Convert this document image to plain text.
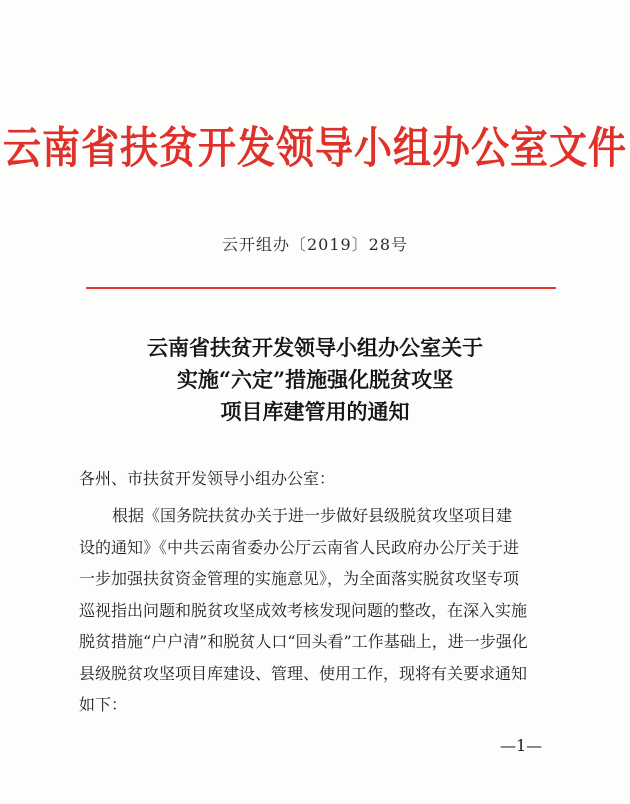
云南省扶贫开发领导小组办公室文件
云开组办〔2019〕28号
云南省扶贫开发领导小组办公室关于
实施“六定”措施强化脱贫攻坚
项目库建管用的通知
各州、市扶贫开发领导小组办公室：
根据《国务院扶贫办关于进一步做好县级脱贫攻坚项目建
设的通知》《中共云南省委办公厅云南省人民政府办公厅关于进
一步加强扶贫资金管理的实施意见》，为全面落实脱贫攻坚专项
巡视指出问题和脱贫攻坚成效考核发现问题的整改，在深入实施
脱贫措施“户户清”和脱贫人口“回头看”工作基础上，进一步强化
县级脱贫攻坚项目库建设、管理、使用工作，现将有关要求通知
如下：
—1—
